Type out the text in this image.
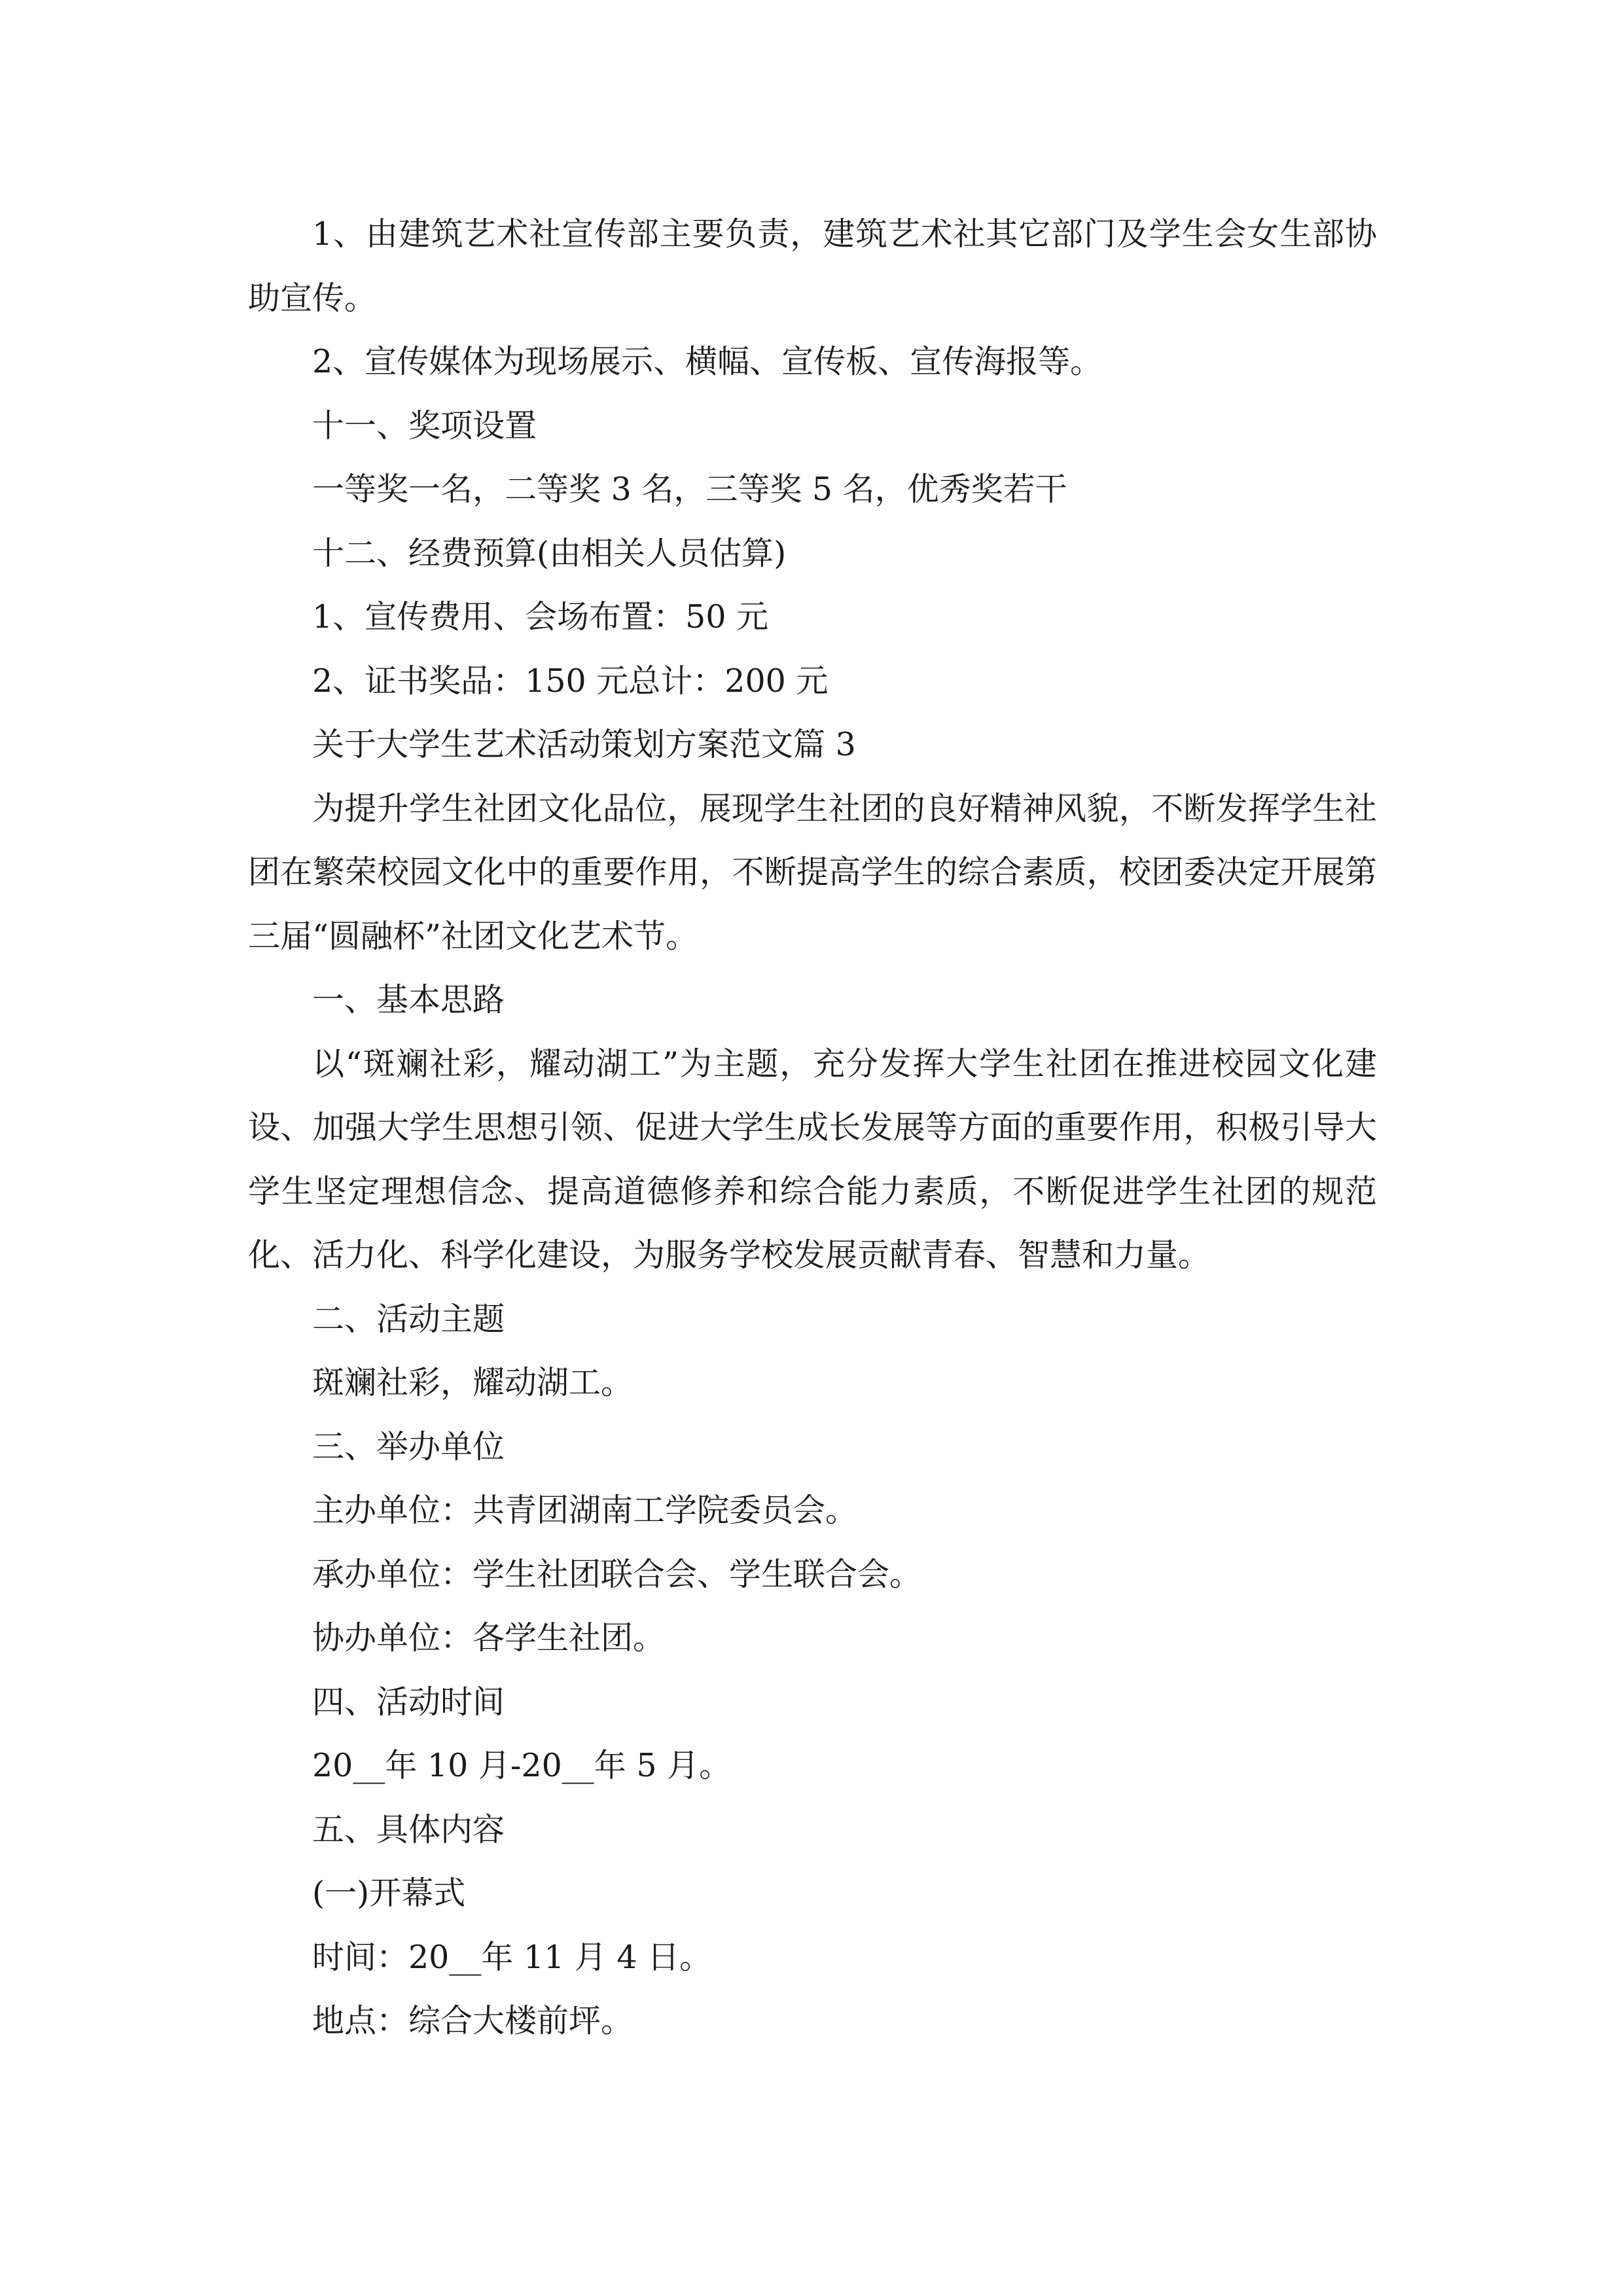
1、由建筑艺术社宣传部主要负责，建筑艺术社其它部门及学生会女生部协助宣传。

2、宣传媒体为现场展示、横幅、宣传板、宣传海报等。

十一、奖项设置

一等奖一名，二等奖 3 名，三等奖 5 名，优秀奖若干

十二、经费预算(由相关人员估算)

1、宣传费用、会场布置：50 元

2、证书奖品：150 元总计：200 元

关于大学生艺术活动策划方案范文篇 3

为提升学生社团文化品位，展现学生社团的良好精神风貌，不断发挥学生社团在繁荣校园文化中的重要作用，不断提高学生的综合素质，校团委决定开展第三届“圆融杯”社团文化艺术节。

一、基本思路

以“斑斓社彩，耀动湖工”为主题，充分发挥大学生社团在推进校园文化建设、加强大学生思想引领、促进大学生成长发展等方面的重要作用，积极引导大学生坚定理想信念、提高道德修养和综合能力素质，不断促进学生社团的规范化、活力化、科学化建设，为服务学校发展贡献青春、智慧和力量。

二、活动主题

斑斓社彩，耀动湖工。

三、举办单位

主办单位：共青团湖南工学院委员会。

承办单位：学生社团联合会、学生联合会。

协办单位：各学生社团。

四、活动时间

20__年 10 月-20__年 5 月。

五、具体内容

(一)开幕式

时间：20__年 11 月 4 日。

地点：综合大楼前坪。
